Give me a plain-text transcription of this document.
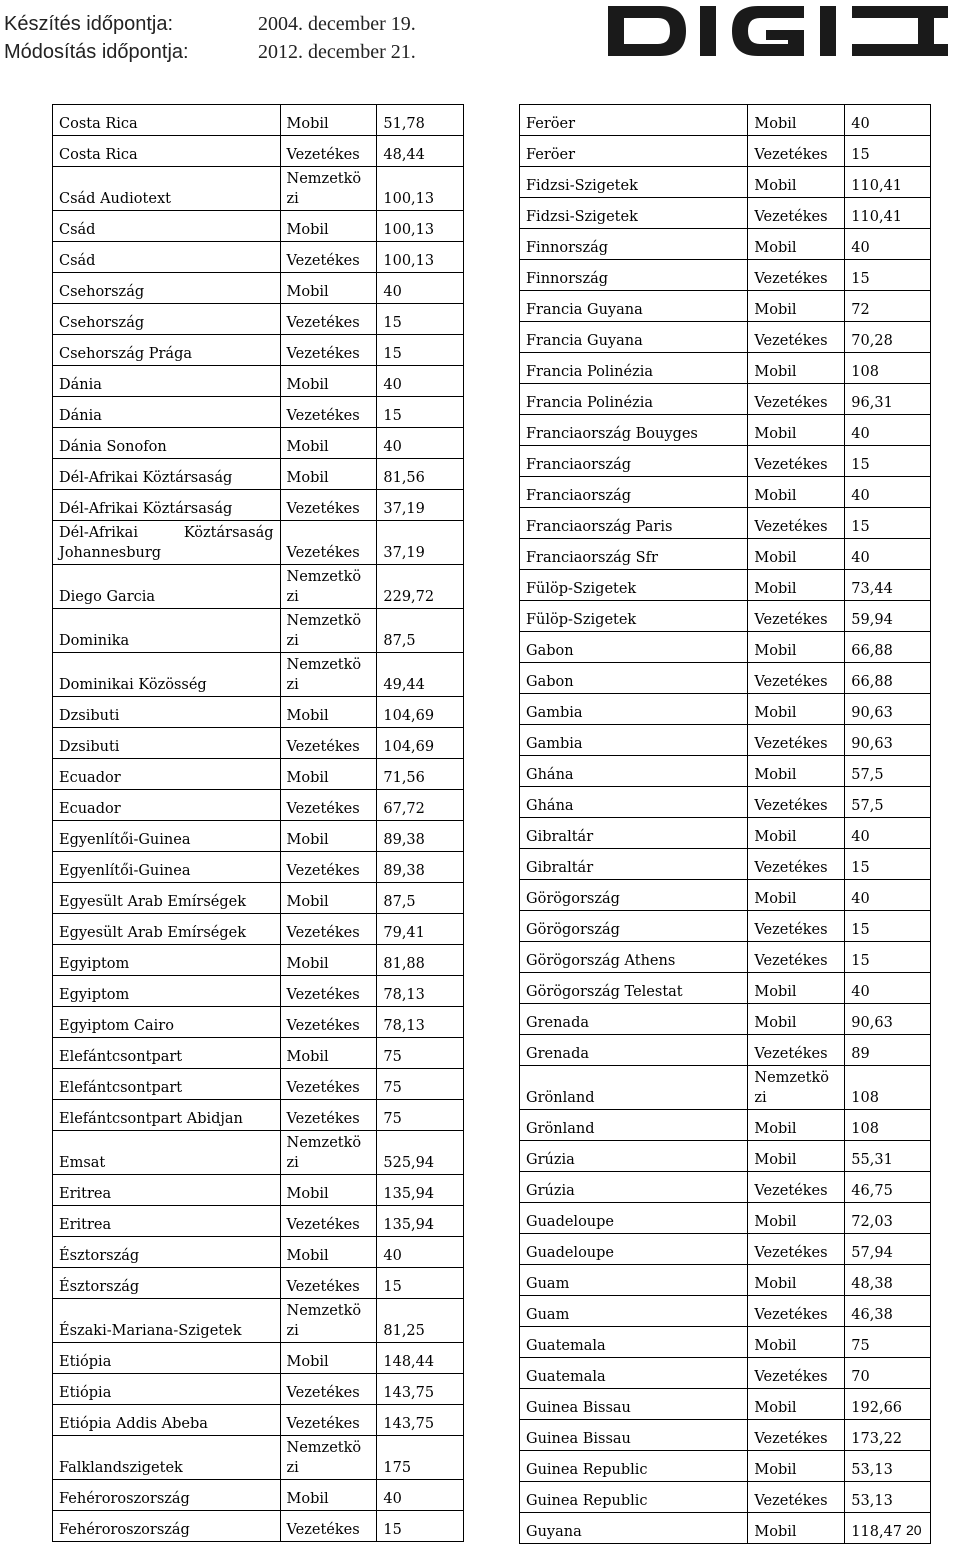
Készítés időpontja:
Módosítás időpontja:
2004. december 19.
2012. december 21.
Costa Rica	Mobil	51,78
Costa Rica	Vezetékes	48,44
Csád Audiotext	Nemzetkö zi	100,13
Csád	Mobil	100,13
Csád	Vezetékes	100,13
Csehország	Mobil	40
Csehország	Vezetékes	15
Csehország Prága	Vezetékes	15
Dánia	Mobil	40
Dánia	Vezetékes	15
Dánia Sonofon	Mobil	40
Dél-Afrikai Köztársaság	Mobil	81,56
Dél-Afrikai Köztársaság	Vezetékes	37,19
Dél-Afrikai Köztársaság Johannesburg	Vezetékes	37,19
Diego Garcia	Nemzetkö zi	229,72
Dominika	Nemzetkö zi	87,5
Dominikai Közösség	Nemzetkö zi	49,44
Dzsibuti	Mobil	104,69
Dzsibuti	Vezetékes	104,69
Ecuador	Mobil	71,56
Ecuador	Vezetékes	67,72
Egyenlítői-Guinea	Mobil	89,38
Egyenlítői-Guinea	Vezetékes	89,38
Egyesült Arab Emírségek	Mobil	87,5
Egyesült Arab Emírségek	Vezetékes	79,41
Egyiptom	Mobil	81,88
Egyiptom	Vezetékes	78,13
Egyiptom Cairo	Vezetékes	78,13
Elefántcsontpart	Mobil	75
Elefántcsontpart	Vezetékes	75
Elefántcsontpart Abidjan	Vezetékes	75
Emsat	Nemzetkö zi	525,94
Eritrea	Mobil	135,94
Eritrea	Vezetékes	135,94
Észtország	Mobil	40
Észtország	Vezetékes	15
Északi-Mariana-Szigetek	Nemzetkö zi	81,25
Etiópia	Mobil	148,44
Etiópia	Vezetékes	143,75
Etiópia Addis Abeba	Vezetékes	143,75
Falklandszigetek	Nemzetkö zi	175
Fehéroroszország	Mobil	40
Fehéroroszország	Vezetékes	15
Feröer	Mobil	40
Feröer	Vezetékes	15
Fidzsi-Szigetek	Mobil	110,41
Fidzsi-Szigetek	Vezetékes	110,41
Finnország	Mobil	40
Finnország	Vezetékes	15
Francia Guyana	Mobil	72
Francia Guyana	Vezetékes	70,28
Francia Polinézia	Mobil	108
Francia Polinézia	Vezetékes	96,31
Franciaország Bouyges	Mobil	40
Franciaország	Vezetékes	15
Franciaország	Mobil	40
Franciaország Paris	Vezetékes	15
Franciaország Sfr	Mobil	40
Fülöp-Szigetek	Mobil	73,44
Fülöp-Szigetek	Vezetékes	59,94
Gabon	Mobil	66,88
Gabon	Vezetékes	66,88
Gambia	Mobil	90,63
Gambia	Vezetékes	90,63
Ghána	Mobil	57,5
Ghána	Vezetékes	57,5
Gibraltár	Mobil	40
Gibraltár	Vezetékes	15
Görögország	Mobil	40
Görögország	Vezetékes	15
Görögország Athens	Vezetékes	15
Görögország Telestat	Mobil	40
Grenada	Mobil	90,63
Grenada	Vezetékes	89
Grönland	Nemzetkö zi	108
Grönland	Mobil	108
Grúzia	Mobil	55,31
Grúzia	Vezetékes	46,75
Guadeloupe	Mobil	72,03
Guadeloupe	Vezetékes	57,94
Guam	Mobil	48,38
Guam	Vezetékes	46,38
Guatemala	Mobil	75
Guatemala	Vezetékes	70
Guinea Bissau	Mobil	192,66
Guinea Bissau	Vezetékes	173,22
Guinea Republic	Mobil	53,13
Guinea Republic	Vezetékes	53,13
Guyana	Mobil	118,47 20
